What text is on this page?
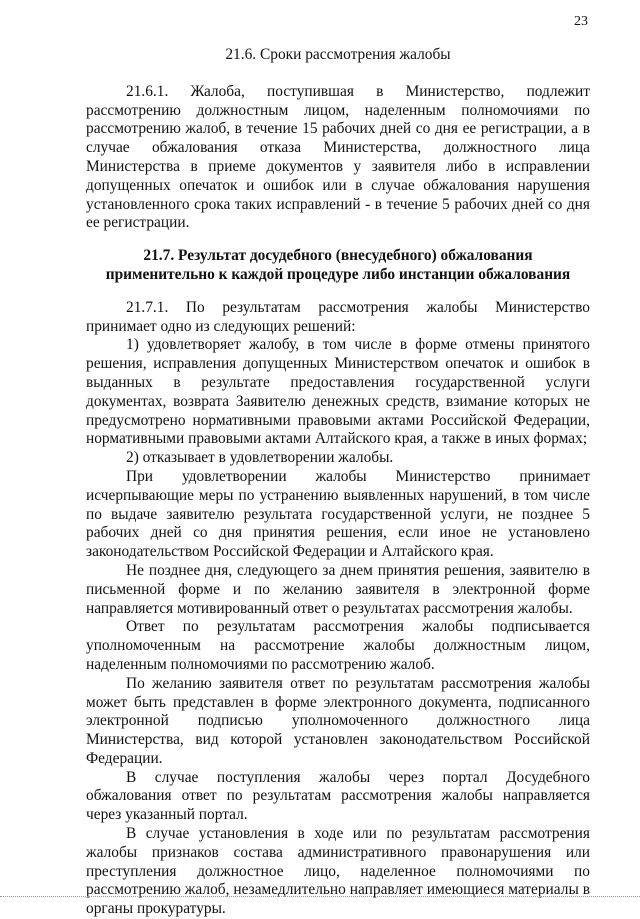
23
21.6. Сроки рассмотрения жалобы

21.6.1. Жалоба, поступившая в Министерство, подлежит рассмотрению должностным лицом, наделенным полномочиями по рассмотрению жалоб, в течение 15 рабочих дней со дня ее регистрации, а в случае обжалования отказа Министерства, должностного лица Министерства в приеме документов у заявителя либо в исправлении допущенных опечаток и ошибок или в случае обжалования нарушения установленного срока таких исправлений - в течение 5 рабочих дней со дня ее регистрации.

21.7. Результат досудебного (внесудебного) обжалования
применительно к каждой процедуре либо инстанции обжалования

21.7.1. По результатам рассмотрения жалобы Министерство принимает одно из следующих решений:

1) удовлетворяет жалобу, в том числе в форме отмены принятого решения, исправления допущенных Министерством опечаток и ошибок в выданных в результате предоставления государственной услуги документах, возврата Заявителю денежных средств, взимание которых не предусмотрено нормативными правовыми актами Российской Федерации, нормативными правовыми актами Алтайского края, а также в иных формах;

2) отказывает в удовлетворении жалобы.

При удовлетворении жалобы Министерство принимает исчерпывающие меры по устранению выявленных нарушений, в том числе по выдаче заявителю результата государственной услуги, не позднее 5 рабочих дней со дня принятия решения, если иное не установлено законодательством Российской Федерации и Алтайского края.

Не позднее дня, следующего за днем принятия решения, заявителю в письменной форме и по желанию заявителя в электронной форме направляется мотивированный ответ о результатах рассмотрения жалобы.

Ответ по результатам рассмотрения жалобы подписывается уполномоченным на рассмотрение жалобы должностным лицом, наделенным полномочиями по рассмотрению жалоб.

По желанию заявителя ответ по результатам рассмотрения жалобы может быть представлен в форме электронного документа, подписанного электронной подписью уполномоченного должностного лица Министерства, вид которой установлен законодательством Российской Федерации.

В случае поступления жалобы через портал Досудебного обжалования ответ по результатам рассмотрения жалобы направляется через указанный портал.

В случае установления в ходе или по результатам рассмотрения жалобы признаков состава административного правонарушения или преступления должностное лицо, наделенное полномочиями по рассмотрению жалоб, незамедлительно направляет имеющиеся материалы в органы прокуратуры.
